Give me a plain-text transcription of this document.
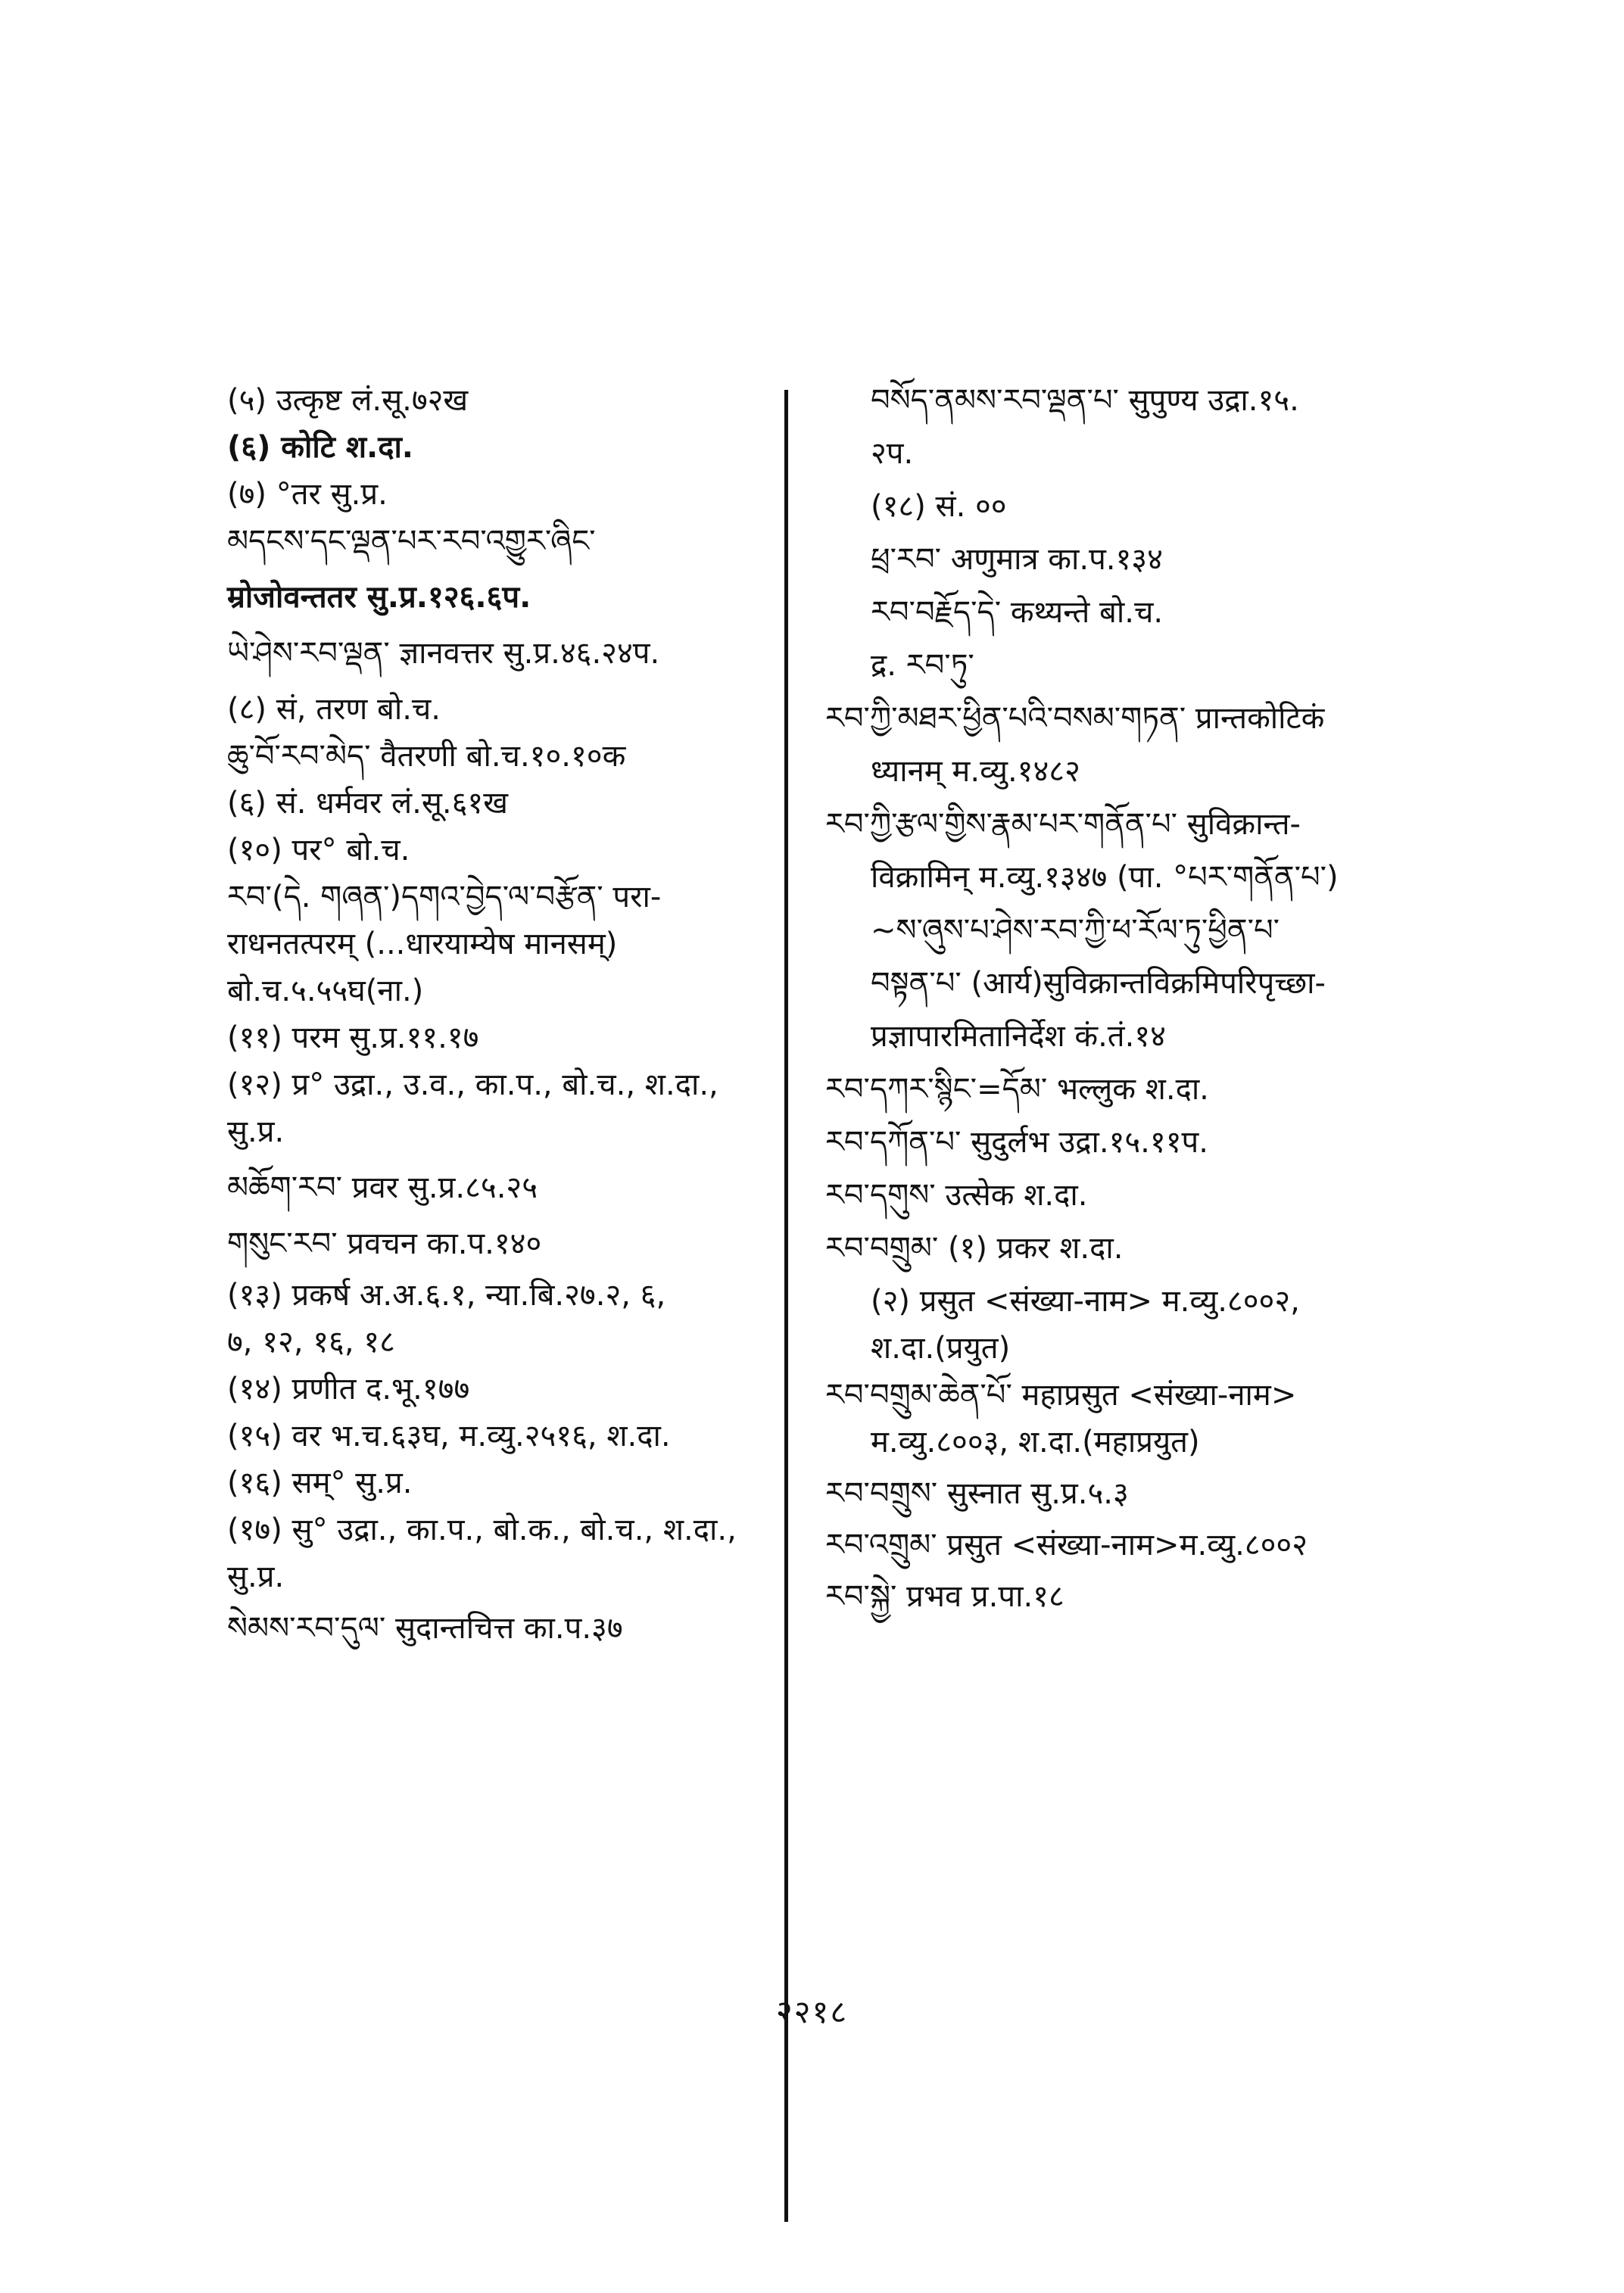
(५) उत्कृष्ट लं.सू.७२ख

(६) कोटि श.दा.

(७) °तर सु.प्र.

མདངས་དང་ལྡན་པར་རབ་འགྱུར་ཞིང་

म्रोजोवन्ततर सु.प्र.१२६.६प.

ཡེ་ཤེས་རབ་ལྡན་ ज्ञानवत्तर सु.प्र.४६.२४प.

(८) सं, तरण बो.च.

ཆུ་བོ་རབ་མེད་ वैतरणी बो.च.१०.१०क

(६) सं. धर्मवर लं.सू.६१ख

(१०) पर° बो.च.

རབ་(དེ. གཞན་)དགའ་བྱེད་ལ་བརྩོན་ परा-

राधनतत्परम् (...धारयाम्येष मानसम्)

बो.च.५.५५घ(ना.)

(११) परम सु.प्र.११.१७

(१२) प्र° उद्रा., उ.व., का.प., बो.च., श.दा.,

सु.प्र.

མཆོག་རབ་ प्रवर सु.प्र.८५.२५

གསུང་རབ་ प्रवचन का.प.१४०

(१३) प्रकर्ष अ.अ.६.१, न्या.बि.२७.२, ६,

७, १२, १६, १८

(१४) प्रणीत द.भू.१७७

(१५) वर भ.च.६३घ, म.व्यु.२५१६, श.दा.

(१६) सम्° सु.प्र.

(१७) सु° उद्रा., का.प., बो.क., बो.च., श.दा.,

सु.प्र.

སེམས་རབ་དུལ་ सुदान्तचित्त का.प.३७

བསོད་ནམས་རབ་ལྡན་པ་ सुपुण्य उद्रा.१५.

२प.

(१८) सं. ००

ཕྲ་རབ་ अणुमात्र का.प.१३४

རབ་བརྗོད་དེ་ कथ्यन्ते बो.च.

द्र. རབ་ཏུ་

རབ་ཀྱི་མཐར་ཕྱིན་པའི་བསམ་གཏན་ प्रान्तकोटिकं

ध्यानम् म.व्यु.१४८२

རབ་ཀྱི་རྩལ་གྱིས་རྣམ་པར་གནོན་པ་ सुविक्रान्त-

विक्रामिन् म.व्यु.१३४७ (पा. °པར་གནོན་པ་)

~ས་ཞུས་པ་ཤེས་རབ་ཀྱི་ཕ་རོལ་ཏུ་ཕྱིན་པ་

བསྟན་པ་ (आर्य)सुविक्रान्तविक्रमिपरिपृच्छा-

प्रज्ञापारमितानिर्देश कं.तं.१४

རབ་དཀར་སྙིང་=དོམ་ भल्लुक श.दा.

རབ་དཀོན་པ་ सुदुर्लभ उद्रा.१५.११प.

རབ་དགུས་ उत्सेक श.दा.

རབ་བགྲུམ་ (१) प्रकर श.दा.

(२) प्रसुत <संख्या-नाम> म.व्यु.८००२,

श.दा.(प्रयुत)

རབ་བགྲུམ་ཆེན་པོ་ महाप्रसुत <संख्या-नाम>

म.व्यु.८००३, श.दा.(महाप्रयुत)

རབ་བགྲུས་ सुस्नात सु.प्र.५.३

རབ་འགྲུམ་ प्रसुत <संख्या-नाम>म.व्यु.८००२

རབ་སྐྱེ་ प्रभव प्र.पा.१८

२२१८
